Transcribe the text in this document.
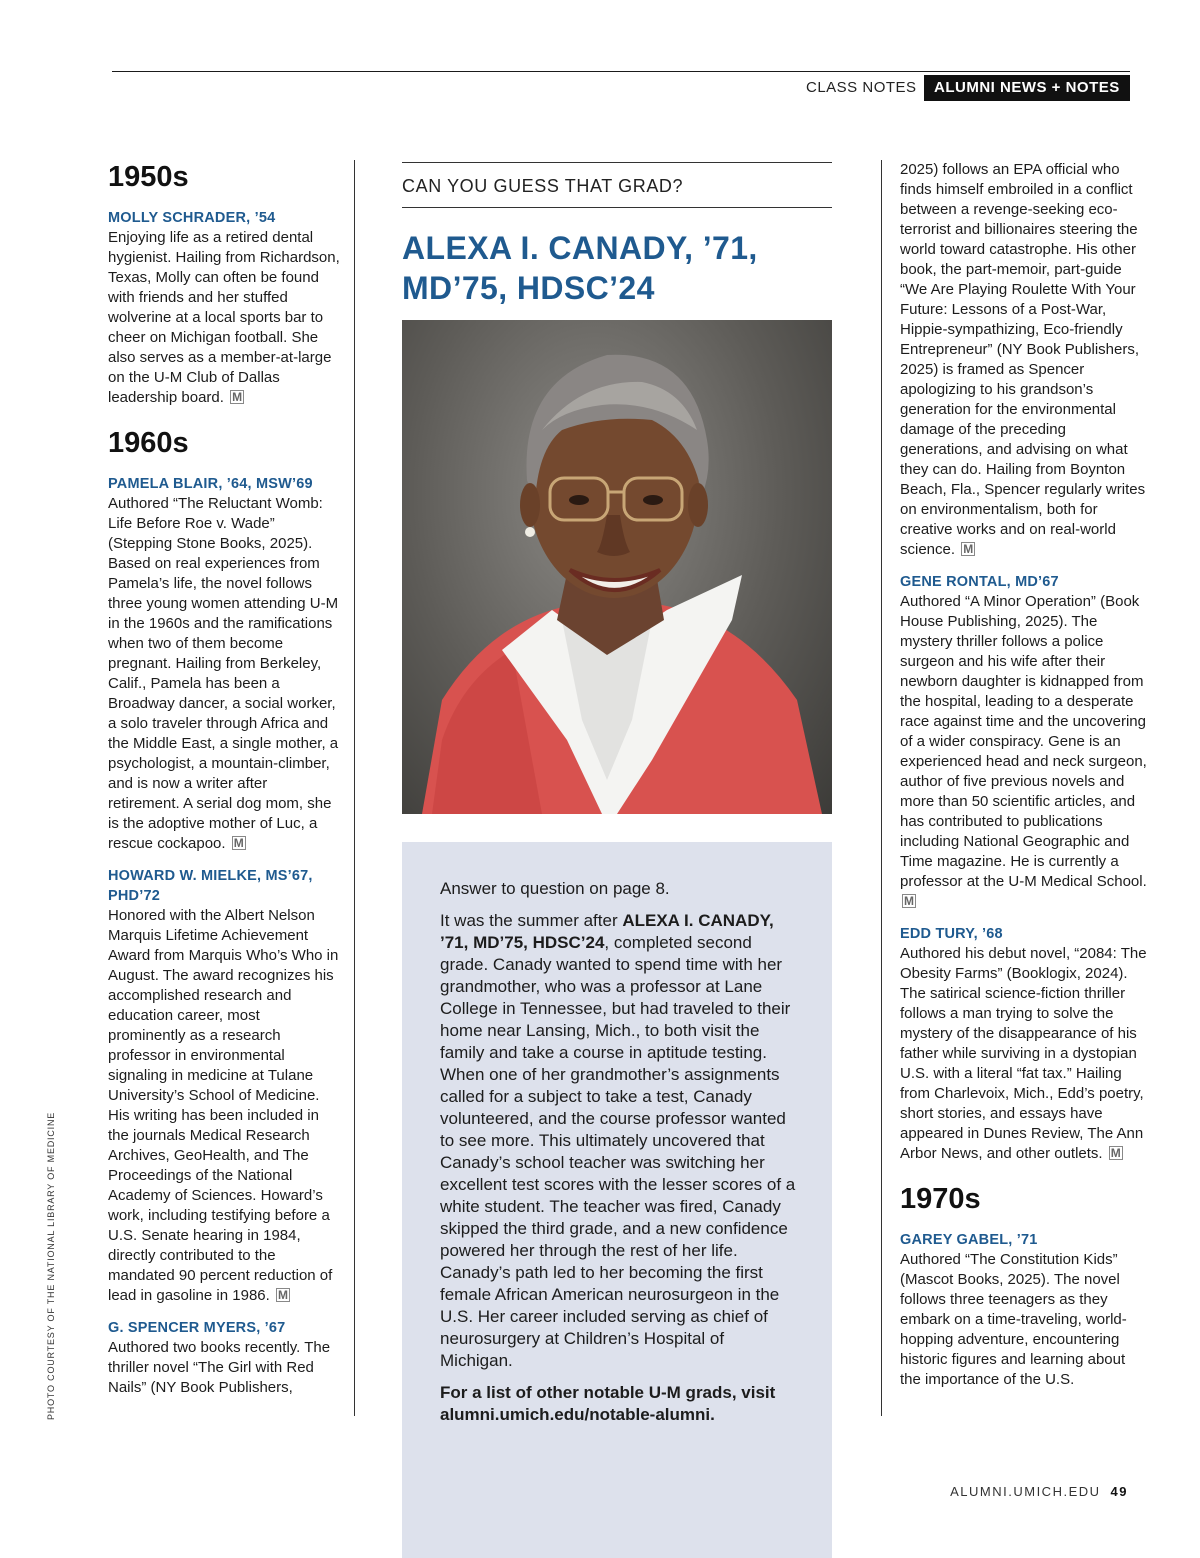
CLASS NOTES	ALUMNI NEWS + NOTES
1950s
MOLLY SCHRADER, ’54

Enjoying life as a retired dental hygienist. Hailing from Richardson, Texas, Molly can often be found with friends and her stuffed wolverine at a local sports bar to cheer on Michigan football. She also serves as a member-at-large on the U-M Club of Dallas leadership board. M

1960s
PAMELA BLAIR, ’64, MSW’69

Authored “The Reluctant Womb: Life Before Roe v. Wade” (Stepping Stone Books, 2025). Based on real experiences from Pamela’s life, the novel follows three young women attending U-M in the 1960s and the ramifications when two of them become pregnant. Hailing from Berkeley, Calif., Pamela has been a Broadway dancer, a social worker, a solo traveler through Africa and the Middle East, a single mother, a psychologist, a mountain-climber, and is now a writer after retirement. A serial dog mom, she is the adoptive mother of Luc, a rescue cockapoo. M

HOWARD W. MIELKE, MS’67, PHD’72

Honored with the Albert Nelson Marquis Lifetime Achievement Award from Marquis Who’s Who in August. The award recognizes his accomplished research and education career, most prominently as a research professor in environmental signaling in medicine at Tulane University’s School of Medicine. His writing has been included in the journals Medical Research Archives, GeoHealth, and The Proceedings of the National Academy of Sciences. Howard’s work, including testifying before a U.S. Senate hearing in 1984, directly contributed to the mandated 90 percent reduction of lead in gasoline in 1986. M

G. SPENCER MYERS, ’67

Authored two books recently. The thriller novel “The Girl with Red Nails” (NY Book Publishers,

CAN YOU GUESS THAT GRAD?
ALEXA I. CANADY, ’71, MD’75, HDSC’24

Answer to question on page 8.

It was the summer after ALEXA I. CANADY, ’71, MD’75, HDSC’24, completed second grade. Canady wanted to spend time with her grandmother, who was a professor at Lane College in Tennessee, but had traveled to their home near Lansing, Mich., to both visit the family and take a course in aptitude testing. When one of her grandmother’s assignments called for a subject to take a test, Canady volunteered, and the course professor wanted to see more. This ultimately uncovered that Canady’s school teacher was switching her excellent test scores with the lesser scores of a white student. The teacher was fired, Canady skipped the third grade, and a new confidence powered her through the rest of her life. Canady’s path led to her becoming the first female African American neurosurgeon in the U.S. Her career included serving as chief of neurosurgery at Children’s Hospital of Michigan.

For a list of other notable U-M grads, visit alumni.umich.edu/notable-alumni.

2025) follows an EPA official who finds himself embroiled in a conflict between a revenge-seeking eco-terrorist and billionaires steering the world toward catastrophe. His other book, the part-memoir, part-guide “We Are Playing Roulette With Your Future: Lessons of a Post-War, Hippie-sympathizing, Eco-friendly Entrepreneur” (NY Book Publishers, 2025) is framed as Spencer apologizing to his grandson’s generation for the environmental damage of the preceding generations, and advising on what they can do. Hailing from Boynton Beach, Fla., Spencer regularly writes on environmentalism, both for creative works and on real-world science. M

GENE RONTAL, MD’67

Authored “A Minor Operation” (Book House Publishing, 2025). The mystery thriller follows a police surgeon and his wife after their newborn daughter is kidnapped from the hospital, leading to a desperate race against time and the uncovering of a wider conspiracy. Gene is an experienced head and neck surgeon, author of five previous novels and more than 50 scientific articles, and has contributed to publications including National Geographic and Time magazine. He is currently a professor at the U-M Medical School. M

EDD TURY, ’68

Authored his debut novel, “2084: The Obesity Farms” (Booklogix, 2024). The satirical science-fiction thriller follows a man trying to solve the mystery of the disappearance of his father while surviving in a dystopian U.S. with a literal “fat tax.” Hailing from Charlevoix, Mich., Edd’s poetry, short stories, and essays have appeared in Dunes Review, The Ann Arbor News, and other outlets. M

1970s
GAREY GABEL, ’71

Authored “The Constitution Kids” (Mascot Books, 2025). The novel follows three teenagers as they embark on a time-traveling, world-hopping adventure, encountering historic figures and learning about the importance of the U.S.

PHOTO COURTESY OF THE NATIONAL LIBRARY OF MEDICINE
ALUMNI.UMICH.EDU 49
